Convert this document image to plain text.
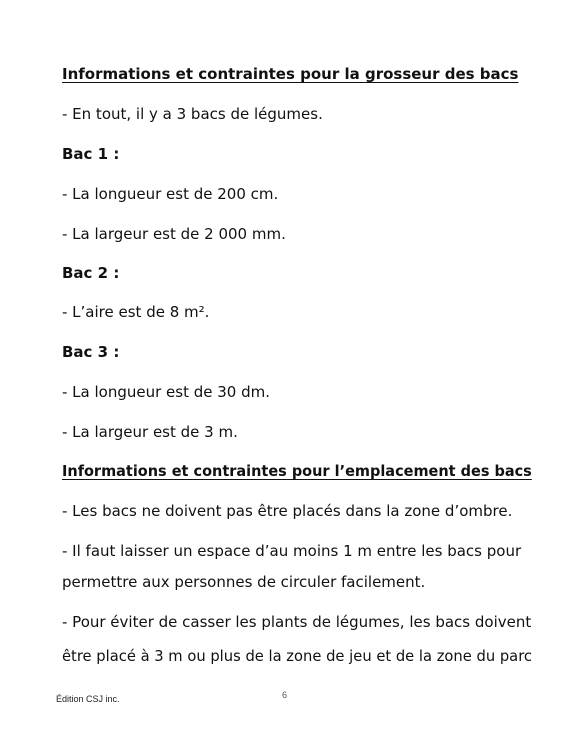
Informations et contraintes pour la grosseur des bacs
- En tout, il y a 3 bacs de légumes.
Bac 1 :
- La longueur est de 200 cm.
- La largeur est de 2 000 mm.
Bac 2 :
- L’aire est de 8 m².
Bac 3 :
- La longueur est de 30 dm.
- La largeur est de 3 m.
Informations et contraintes pour l’emplacement des bacs
- Les bacs ne doivent pas être placés dans la zone d’ombre.
- Il faut laisser un espace d’au moins 1 m entre les bacs pour
permettre aux personnes de circuler facilement.
- Pour éviter de casser les plants de légumes, les bacs doivent
être placé à 3 m ou plus de la zone de jeu et de la zone du parc
Édition CSJ inc.	6
